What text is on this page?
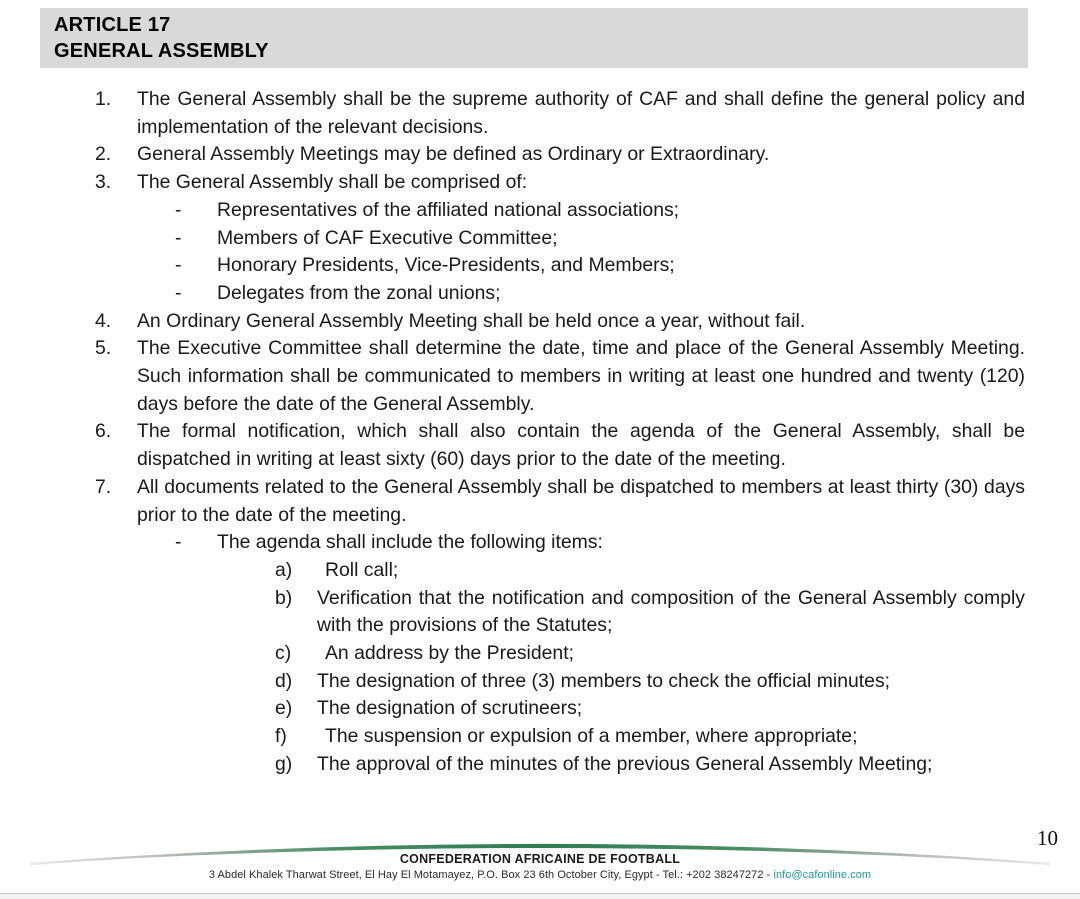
ARTICLE 17
GENERAL ASSEMBLY
1.	The General Assembly shall be the supreme authority of CAF and shall define the general policy and implementation of the relevant decisions.
2.	General Assembly Meetings may be defined as Ordinary or Extraordinary.
3.	The General Assembly shall be comprised of:
- Representatives of the affiliated national associations;
- Members of CAF Executive Committee;
- Honorary Presidents, Vice-Presidents, and Members;
- Delegates from the zonal unions;
4.	An Ordinary General Assembly Meeting shall be held once a year, without fail.
5.	The Executive Committee shall determine the date, time and place of the General Assembly Meeting. Such information shall be communicated to members in writing at least one hundred and twenty (120) days before the date of the General Assembly.
6.	The formal notification, which shall also contain the agenda of the General Assembly, shall be dispatched in writing at least sixty (60) days prior to the date of the meeting.
7.	All documents related to the General Assembly shall be dispatched to members at least thirty (30) days prior to the date of the meeting.
- The agenda shall include the following items:
a) Roll call;
b) Verification that the notification and composition of the General Assembly comply with the provisions of the Statutes;
c) An address by the President;
d) The designation of three (3) members to check the official minutes;
e) The designation of scrutineers;
f) The suspension or expulsion of a member, where appropriate;
g) The approval of the minutes of the previous General Assembly Meeting;
10
CONFEDERATION AFRICAINE DE FOOTBALL
3 Abdel Khalek Tharwat Street, El Hay El Motamayez, P.O. Box 23 6th October City, Egypt - Tel.: +202 38247272 - info@cafonline.com
